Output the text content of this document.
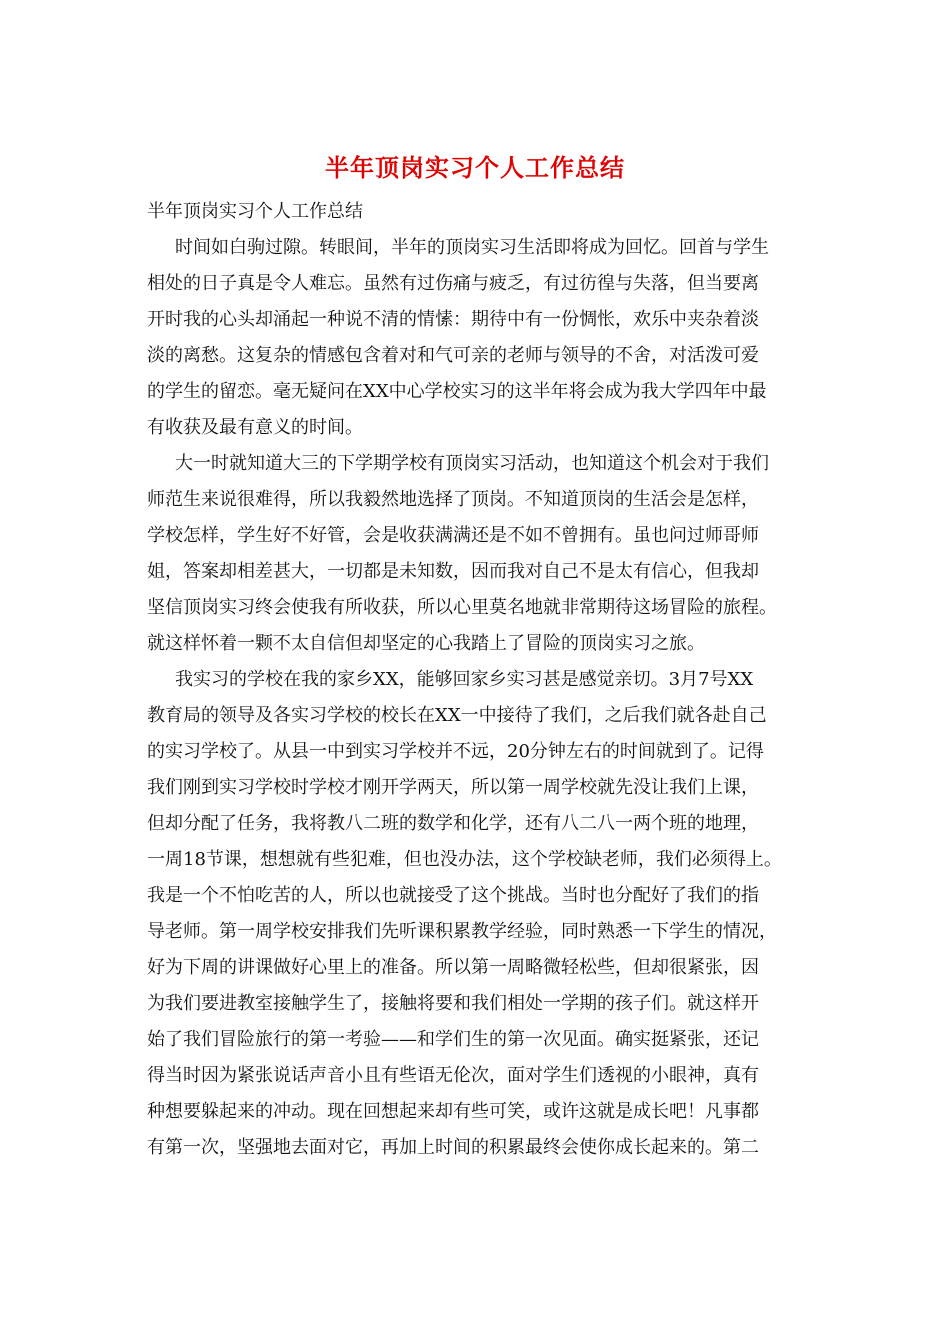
半年顶岗实习个人工作总结
半年顶岗实习个人工作总结
时间如白驹过隙。转眼间，半年的顶岗实习生活即将成为回忆。回首与学生
相处的日子真是令人难忘。虽然有过伤痛与疲乏，有过彷徨与失落，但当要离
开时我的心头却涌起一种说不清的情愫：期待中有一份惆怅，欢乐中夹杂着淡
淡的离愁。这复杂的情感包含着对和气可亲的老师与领导的不舍，对活泼可爱
的学生的留恋。毫无疑问在XX中心学校实习的这半年将会成为我大学四年中最
有收获及最有意义的时间。
大一时就知道大三的下学期学校有顶岗实习活动，也知道这个机会对于我们
师范生来说很难得，所以我毅然地选择了顶岗。不知道顶岗的生活会是怎样，
学校怎样，学生好不好管，会是收获满满还是不如不曾拥有。虽也问过师哥师
姐，答案却相差甚大，一切都是未知数，因而我对自己不是太有信心，但我却
坚信顶岗实习终会使我有所收获，所以心里莫名地就非常期待这场冒险的旅程。
就这样怀着一颗不太自信但却坚定的心我踏上了冒险的顶岗实习之旅。
我实习的学校在我的家乡XX，能够回家乡实习甚是感觉亲切。3月7号XX
教育局的领导及各实习学校的校长在XX一中接待了我们，之后我们就各赴自己
的实习学校了。从县一中到实习学校并不远，20分钟左右的时间就到了。记得
我们刚到实习学校时学校才刚开学两天，所以第一周学校就先没让我们上课，
但却分配了任务，我将教八二班的数学和化学，还有八二八一两个班的地理，
一周18节课，想想就有些犯难，但也没办法，这个学校缺老师，我们必须得上。
我是一个不怕吃苦的人，所以也就接受了这个挑战。当时也分配好了我们的指
导老师。第一周学校安排我们先听课积累教学经验，同时熟悉一下学生的情况，
好为下周的讲课做好心里上的准备。所以第一周略微轻松些，但却很紧张，因
为我们要进教室接触学生了，接触将要和我们相处一学期的孩子们。就这样开
始了我们冒险旅行的第一考验——和学们生的第一次见面。确实挺紧张，还记
得当时因为紧张说话声音小且有些语无伦次，面对学生们透视的小眼神，真有
种想要躲起来的冲动。现在回想起来却有些可笑，或许这就是成长吧！凡事都
有第一次，坚强地去面对它，再加上时间的积累最终会使你成长起来的。第二
